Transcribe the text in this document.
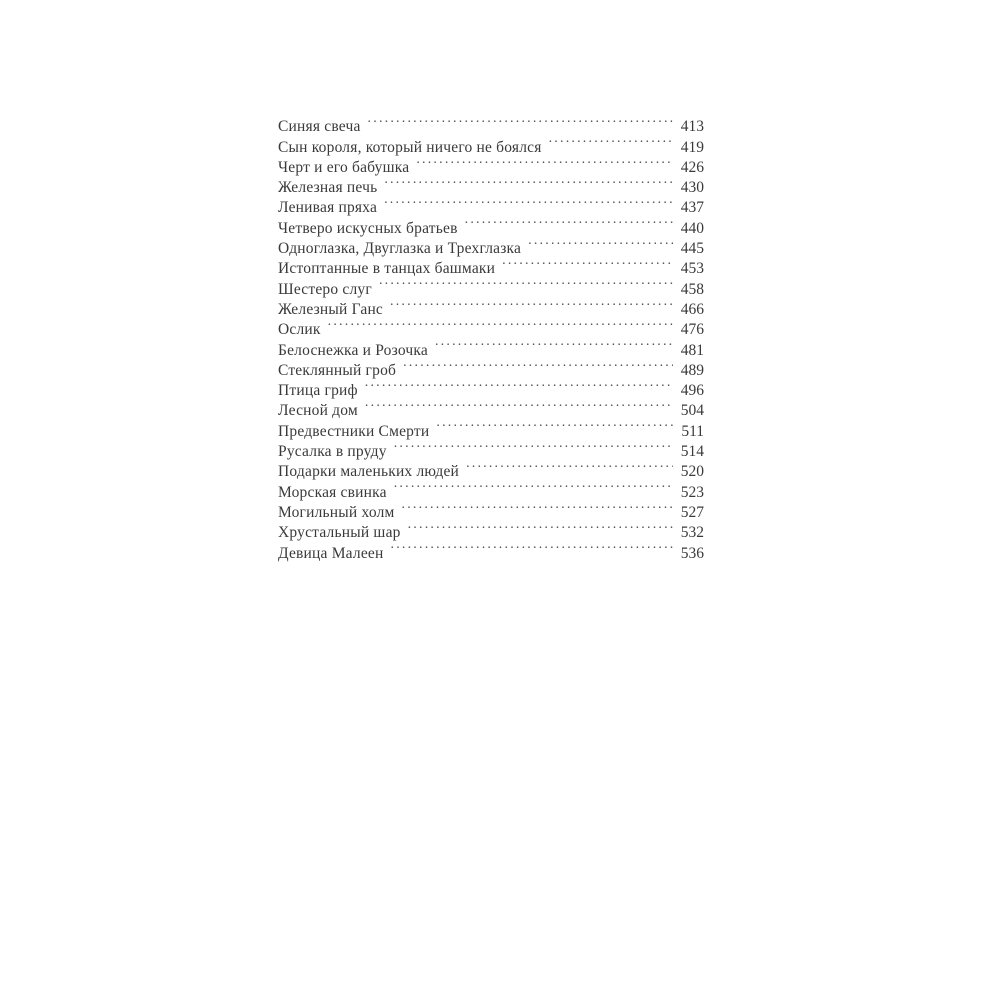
Синяя свеча .....	413
Сын короля, который ничего не боялся .....	419
Черт и его бабушка .....	426
Железная печь .....	430
Ленивая пряха .....	437
Четверо искусных братьев .....	440
Одноглазка, Двуглазка и Трехглазка .....	445
Истоптанные в танцах башмаки .....	453
Шестеро слуг .....	458
Железный Ганс .....	466
Ослик .....	476
Белоснежка и Розочка .....	481
Стеклянный гроб .....	489
Птица гриф .....	496
Лесной дом .....	504
Предвестники Смерти .....	511
Русалка в пруду .....	514
Подарки маленьких людей .....	520
Морская свинка .....	523
Могильный холм .....	527
Хрустальный шар .....	532
Девица Малеен .....	536
